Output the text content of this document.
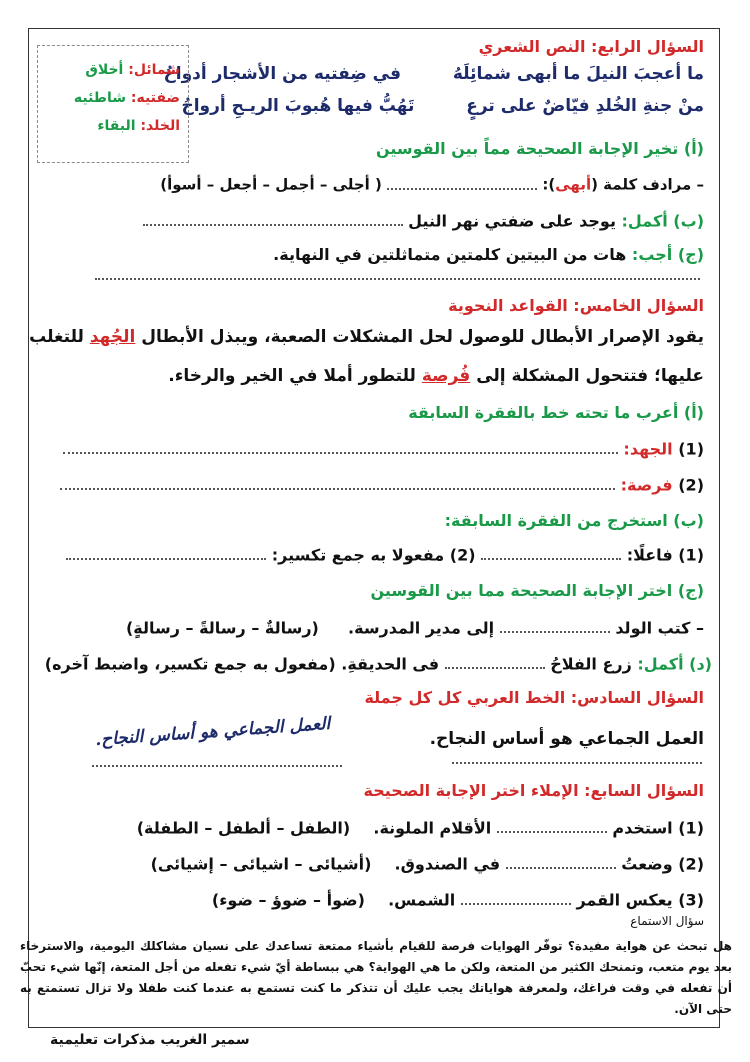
السؤال الرابع: النص الشعري
ما أعجبَ النيلَ ما أبهى شمائِلَهُ  في ضِفتيه من الأشجار أدواحُ
منْ جنةِ الخُلدِ فيّاضٌ على ترعٍ  تَهُبُّ فيها هُبوبَ الريـحِ أرواحُ
شمائل: أخلاق
ضفتيه: شاطئيه
الخلد: البقاء
(أ) تخير الإجابة الصحيحة مماً بين القوسين
– مرادف كلمة (أبهى):  ( أجلى – أجمل – أجعل – أسوأ)
(ب) أكمل: يوجد على ضفتي نهر النيل
(ج) أجب: هات من البيتين كلمتين متماثلتين في النهاية.
السؤال الخامس: القواعد النحوية
يقود الإصرار الأبطال للوصول لحل المشكلات الصعبة، ويبذل الأبطال الجُهد للتغلب
عليها؛ فتتحول المشكلة إلى فُرصة للتطور أملا في الخير والرخاء.
(أ) أعرب ما تحته خط بالفقرة السابقة
(1) الجهد:
(2) فرصة:
(ب) استخرج من الفقرة السابقة:
(1) فاعلًا:  (2) مفعولا به جمع تكسير:
(ج) اختر الإجابة الصحيحة مما بين القوسين
– كتب الولد  إلى مدير المدرسة.  (رسالةٌ – رسالةً – رسالةٍ)
(د) أكمل: زرع الفلاحُ  فى الحديقةِ. (مفعول به جمع تكسير، واضبط آخره)
السؤال السادس: الخط العربي كل كل جملة
العمل الجماعي هو أساس النجاح.
العمل الجماعي هو أساس النجاح.
السؤال السابع: الإملاء اختر الإجابة الصحيحة
(1) استخدم  الأقلام الملونة.  (الطفل – ألطفل – الطفلة)
(2) وضعتُ  في الصندوق.  (أشيائى – اشيائى – إشيائى)
(3) يعكس القمر  الشمس.  (ضوأ – ضوؤ – ضوء)
سؤال الاستماع
هل تبحث عن هواية مفيدة؟ توفّر الهوايات فرصة للقيام بأشياء ممتعة تساعدك على نسيان مشاكلك اليومية، والاسترخاء بعد يوم متعب، وتمنحك الكثير من المتعة، ولكن ما هي الهواية؟ هي ببساطة أيّ شيء تفعله من أجل المتعة، إنّها شيء تحبّ أن تفعله في وقت فراغك، ولمعرفة هواياتك يجب عليك أن تتذكر ما كنت تستمع به عندما كنت طفلا ولا تزال تستمتع به حتى الآن.
سمير الغريب مذكرات تعليمية
